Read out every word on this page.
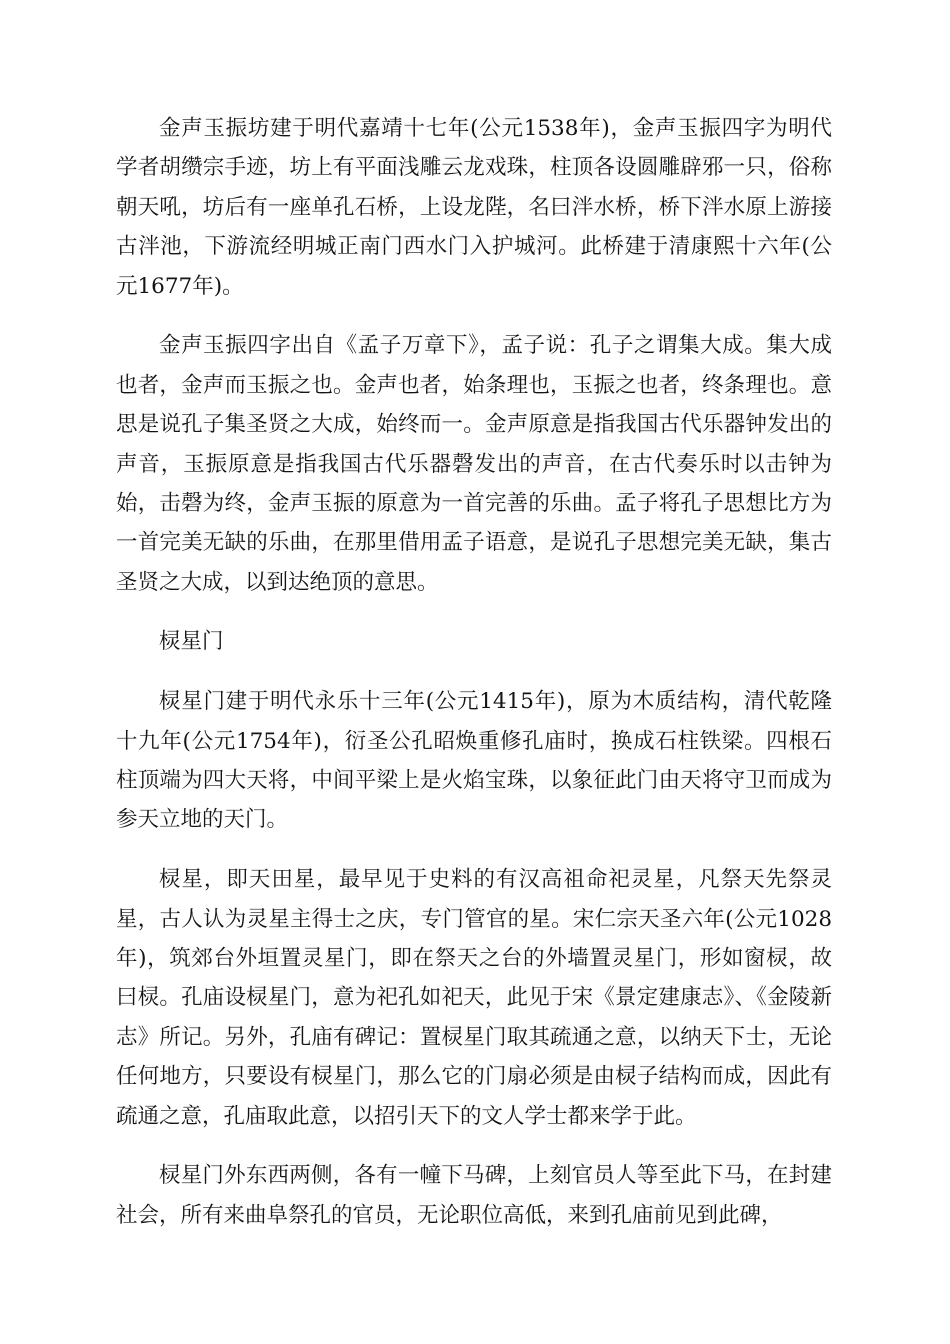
金声玉振坊建于明代嘉靖十七年(公元1538年)，金声玉振四字为明代学者胡缵宗手迹，坊上有平面浅雕云龙戏珠，柱顶各设圆雕辟邪一只，俗称朝天吼，坊后有一座单孔石桥，上设龙陛，名曰泮水桥，桥下泮水原上游接古泮池，下游流经明城正南门西水门入护城河。此桥建于清康熙十六年(公元1677年)。

金声玉振四字出自《孟子万章下》，孟子说：孔子之谓集大成。集大成也者，金声而玉振之也。金声也者，始条理也，玉振之也者，终条理也。意思是说孔子集圣贤之大成，始终而一。金声原意是指我国古代乐器钟发出的声音，玉振原意是指我国古代乐器磬发出的声音，在古代奏乐时以击钟为始，击磬为终，金声玉振的原意为一首完善的乐曲。孟子将孔子思想比方为一首完美无缺的乐曲，在那里借用孟子语意，是说孔子思想完美无缺，集古圣贤之大成，以到达绝顶的意思。

棂星门

棂星门建于明代永乐十三年(公元1415年)，原为木质结构，清代乾隆十九年(公元1754年)，衍圣公孔昭焕重修孔庙时，换成石柱铁梁。四根石柱顶端为四大天将，中间平梁上是火焰宝珠，以象征此门由天将守卫而成为参天立地的天门。

棂星，即天田星，最早见于史料的有汉高祖命祀灵星，凡祭天先祭灵星，古人认为灵星主得士之庆，专门管官的星。宋仁宗天圣六年(公元1028年)，筑郊台外垣置灵星门，即在祭天之台的外墙置灵星门，形如窗棂，故曰棂。孔庙设棂星门，意为祀孔如祀天，此见于宋《景定建康志》、《金陵新志》所记。另外，孔庙有碑记：置棂星门取其疏通之意，以纳天下士，无论任何地方，只要设有棂星门，那么它的门扇必须是由棂子结构而成，因此有疏通之意，孔庙取此意，以招引天下的文人学士都来学于此。

棂星门外东西两侧，各有一幢下马碑，上刻官员人等至此下马，在封建社会，所有来曲阜祭孔的官员，无论职位高低，来到孔庙前见到此碑，
